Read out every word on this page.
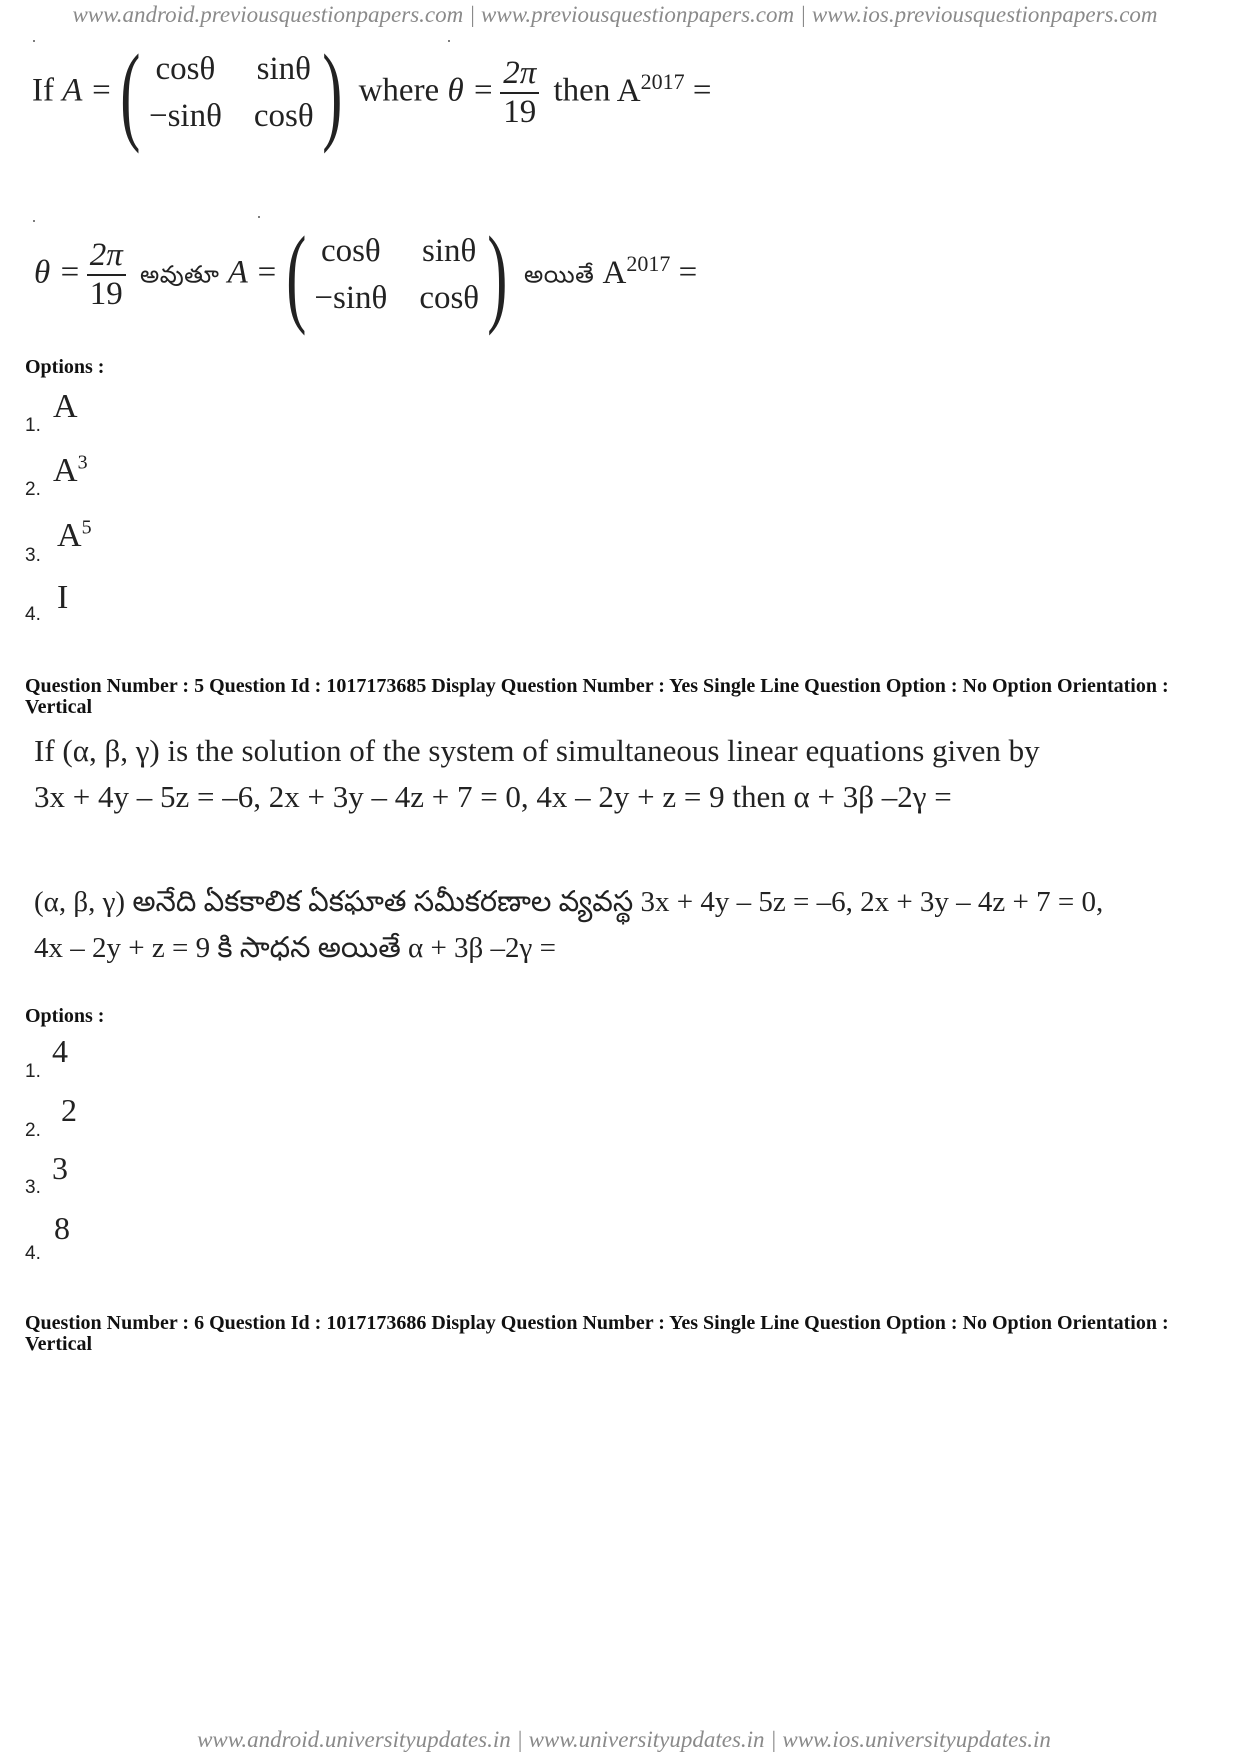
www.android.previousquestionpapers.com | www.previousquestionpapers.com | www.ios.previousquestionpapers.com
If A =( cosθ sinθ
−sinθ cosθ ) where $\theta = \frac{2\pi}{19}$ then $A^{2017}$ =
$\theta = \frac{2\pi}{19}$ అవుతూ A =( cosθ sinθ
−sinθ cosθ ) అయితే $A^{2017}$ =
Options :
1.
A
2.
$A^3$
3.
$A^5$
4. I
Question Number : 5 Question Id : 1017173685 Display Question Number : Yes Single Line Question Option : No Option Orientation : Vertical
If (α, β, γ) is the solution of the system of simultaneous linear equations given by
3x + 4y – 5z = –6, 2x + 3y – 4z + 7 = 0, 4x – 2y + z = 9 then α + 3β –2γ =
(α, β, γ) అనేది ఏకకాలిక ఏకఘాత సమీకరణాల వ్యవస్థ 3x + 4y – 5z = –6, 2x + 3y – 4z + 7 = 0,
4x – 2y + z = 9 కి సాధన అయితే α + 3β –2γ =
Options :
1.
4
2.
2
3.
3
4.
8
Question Number : 6 Question Id : 1017173686 Display Question Number : Yes Single Line Question Option : No Option Orientation : Vertical
www.android.universityupdates.in | www.universityupdates.in | www.ios.universityupdates.in
